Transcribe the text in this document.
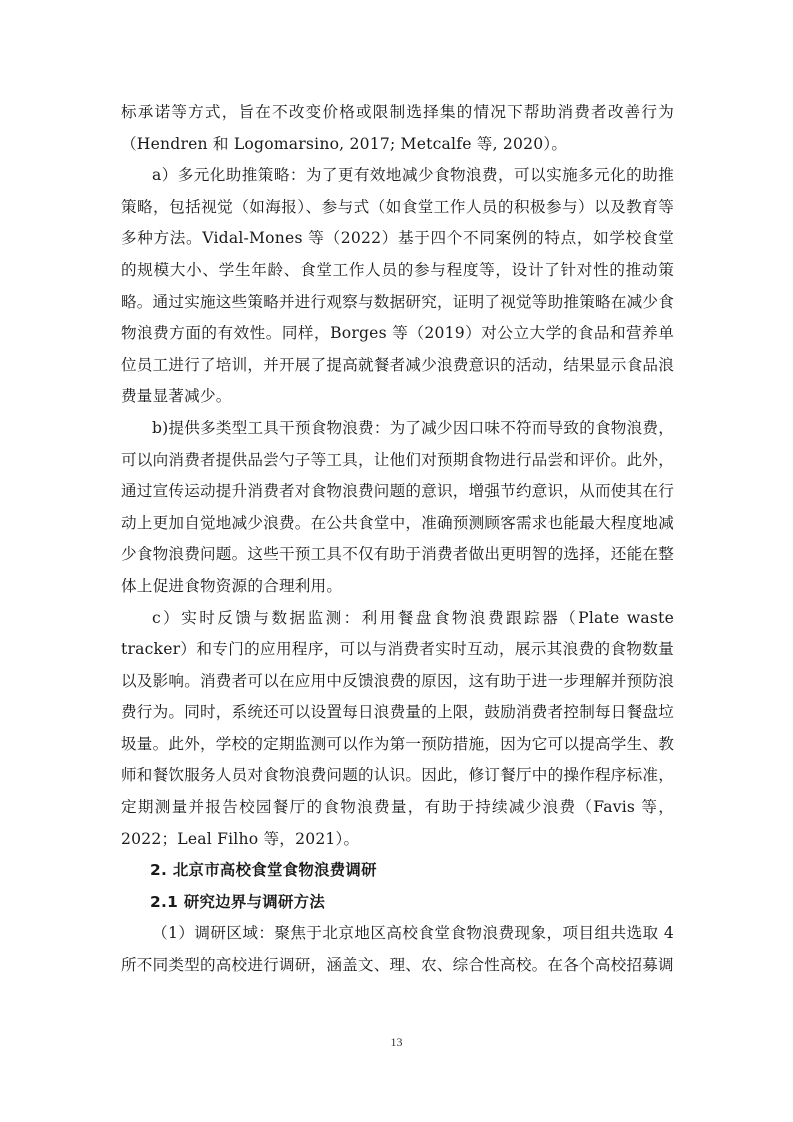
标承诺等方式，旨在不改变价格或限制选择集的情况下帮助消费者改善行为（Hendren 和 Logomarsino, 2017; Metcalfe 等, 2020）。

a）多元化助推策略：为了更有效地减少食物浪费，可以实施多元化的助推策略，包括视觉（如海报）、参与式（如食堂工作人员的积极参与）以及教育等多种方法。Vidal-Mones 等（2022）基于四个不同案例的特点，如学校食堂的规模大小、学生年龄、食堂工作人员的参与程度等，设计了针对性的推动策略。通过实施这些策略并进行观察与数据研究，证明了视觉等助推策略在减少食物浪费方面的有效性。同样，Borges 等（2019）对公立大学的食品和营养单位员工进行了培训，并开展了提高就餐者减少浪费意识的活动，结果显示食品浪费量显著减少。

b)提供多类型工具干预食物浪费：为了减少因口味不符而导致的食物浪费，可以向消费者提供品尝勺子等工具，让他们对预期食物进行品尝和评价。此外，通过宣传运动提升消费者对食物浪费问题的意识，增强节约意识，从而使其在行动上更加自觉地减少浪费。在公共食堂中，准确预测顾客需求也能最大程度地减少食物浪费问题。这些干预工具不仅有助于消费者做出更明智的选择，还能在整体上促进食物资源的合理利用。

c）实时反馈与数据监测：利用餐盘食物浪费跟踪器（Plate waste tracker）和专门的应用程序，可以与消费者实时互动，展示其浪费的食物数量以及影响。消费者可以在应用中反馈浪费的原因，这有助于进一步理解并预防浪费行为。同时，系统还可以设置每日浪费量的上限，鼓励消费者控制每日餐盘垃圾量。此外，学校的定期监测可以作为第一预防措施，因为它可以提高学生、教师和餐饮服务人员对食物浪费问题的认识。因此，修订餐厅中的操作程序标准，定期测量并报告校园餐厅的食物浪费量，有助于持续减少浪费（Favis 等，2022；Leal Filho 等，2021）。

2. 北京市高校食堂食物浪费调研
2.1 研究边界与调研方法

（1）调研区域：聚焦于北京地区高校食堂食物浪费现象，项目组共选取 4 所不同类型的高校进行调研，涵盖文、理、农、综合性高校。在各个高校招募调

13
